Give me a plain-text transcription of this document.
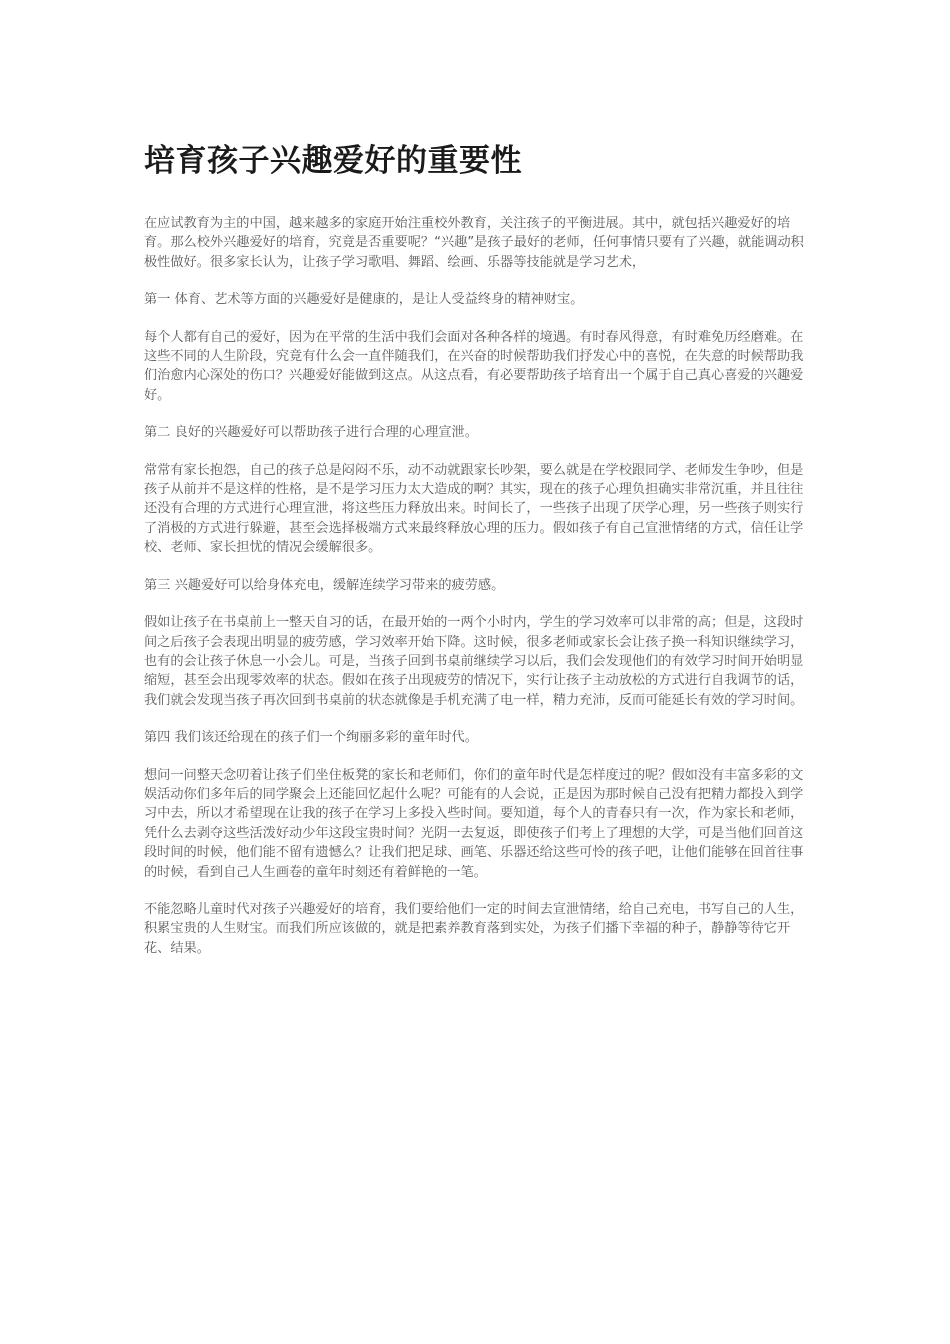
培育孩子兴趣爱好的重要性

在应试教育为主的中国，越来越多的家庭开始注重校外教育，关注孩子的平衡进展。其中，就包括兴趣爱好的培育。那么校外兴趣爱好的培育，究竟是否重要呢？“兴趣”是孩子最好的老师，任何事情只要有了兴趣，就能调动积极性做好。很多家长认为，让孩子学习歌唱、舞蹈、绘画、乐器等技能就是学习艺术，

第一 体育、艺术等方面的兴趣爱好是健康的，是让人受益终身的精神财宝。

每个人都有自己的爱好，因为在平常的生活中我们会面对各种各样的境遇。有时春风得意，有时难免历经磨难。在这些不同的人生阶段，究竟有什么会一直伴随我们，在兴奋的时候帮助我们抒发心中的喜悦，在失意的时候帮助我们治愈内心深处的伤口？兴趣爱好能做到这点。从这点看，有必要帮助孩子培育出一个属于自己真心喜爱的兴趣爱好。

第二 良好的兴趣爱好可以帮助孩子进行合理的心理宣泄。

常常有家长抱怨，自己的孩子总是闷闷不乐，动不动就跟家长吵架，要么就是在学校跟同学、老师发生争吵，但是孩子从前并不是这样的性格，是不是学习压力太大造成的啊？其实，现在的孩子心理负担确实非常沉重，并且往往还没有合理的方式进行心理宣泄，将这些压力释放出来。时间长了，一些孩子出现了厌学心理，另一些孩子则实行了消极的方式进行躲避，甚至会选择极端方式来最终释放心理的压力。假如孩子有自己宣泄情绪的方式，信任让学校、老师、家长担忧的情况会缓解很多。

第三 兴趣爱好可以给身体充电，缓解连续学习带来的疲劳感。

假如让孩子在书桌前上一整天自习的话，在最开始的一两个小时内，学生的学习效率可以非常的高；但是，这段时间之后孩子会表现出明显的疲劳感，学习效率开始下降。这时候，很多老师或家长会让孩子换一科知识继续学习，也有的会让孩子休息一小会儿。可是，当孩子回到书桌前继续学习以后，我们会发现他们的有效学习时间开始明显缩短，甚至会出现零效率的状态。假如在孩子出现疲劳的情况下，实行让孩子主动放松的方式进行自我调节的话，我们就会发现当孩子再次回到书桌前的状态就像是手机充满了电一样，精力充沛，反而可能延长有效的学习时间。

第四 我们该还给现在的孩子们一个绚丽多彩的童年时代。

想问一问整天念叨着让孩子们坐住板凳的家长和老师们，你们的童年时代是怎样度过的呢？假如没有丰富多彩的文娱活动你们多年后的同学聚会上还能回忆起什么呢？可能有的人会说，正是因为那时候自己没有把精力都投入到学习中去，所以才希望现在让我的孩子在学习上多投入些时间。要知道，每个人的青春只有一次，作为家长和老师，凭什么去剥夺这些活泼好动少年这段宝贵时间？光阴一去复返，即使孩子们考上了理想的大学，可是当他们回首这段时间的时候，他们能不留有遗憾么？让我们把足球、画笔、乐器还给这些可怜的孩子吧，让他们能够在回首往事的时候，看到自己人生画卷的童年时刻还有着鲜艳的一笔。

不能忽略儿童时代对孩子兴趣爱好的培育，我们要给他们一定的时间去宣泄情绪，给自己充电，书写自己的人生，积累宝贵的人生财宝。而我们所应该做的，就是把素养教育落到实处，为孩子们播下幸福的种子，静静等待它开花、结果。
